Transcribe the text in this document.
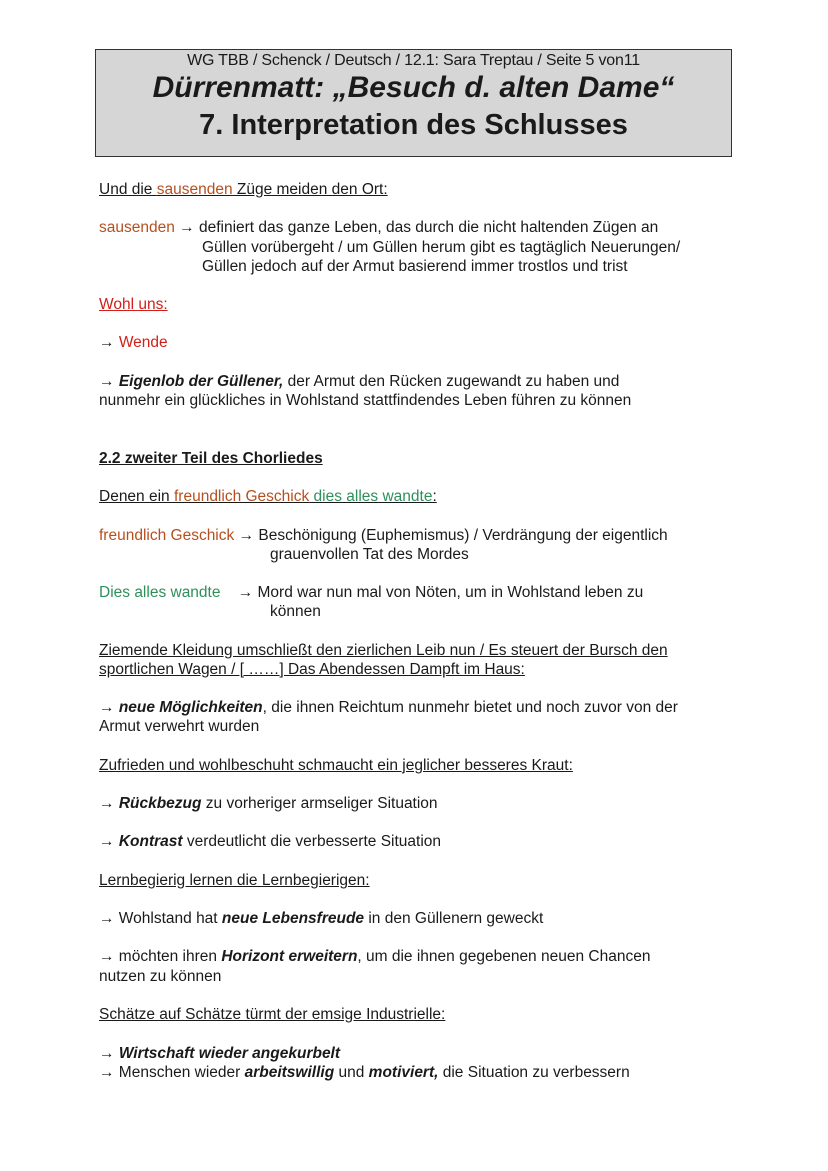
WG TBB / Schenck / Deutsch / 12.1: Sara Treptau / Seite 5 von11
Dürrenmatt: „Besuch d. alten Dame“
7. Interpretation des Schlusses
Und die sausenden Züge meiden den Ort:
sausenden → definiert das ganze Leben, das durch die nicht haltenden Zügen an
Güllen vorübergeht / um Güllen herum gibt es tagtäglich Neuerungen/
Güllen jedoch auf der Armut basierend immer trostlos und trist
Wohl uns:
→ Wende
→ Eigenlob der Güllener, der Armut den Rücken zugewandt zu haben und
nunmehr ein glückliches in Wohlstand stattfindendes Leben führen zu können
2.2 zweiter Teil des Chorliedes
Denen ein freundlich Geschick dies alles wandte:
freundlich Geschick → Beschönigung (Euphemismus) / Verdrängung der eigentlich
grauenvollen Tat des Mordes
Dies alles wandte → Mord war nun mal von Nöten, um in Wohlstand leben zu
können
Ziemende Kleidung umschließt den zierlichen Leib nun / Es steuert der Bursch den
sportlichen Wagen / [ ……] Das Abendessen Dampft im Haus:
→ neue Möglichkeiten, die ihnen Reichtum nunmehr bietet und noch zuvor von der
Armut verwehrt wurden
Zufrieden und wohlbeschuht schmaucht ein jeglicher besseres Kraut:
→ Rückbezug zu vorheriger armseliger Situation
→ Kontrast verdeutlicht die verbesserte Situation
Lernbegierig lernen die Lernbegierigen:
→ Wohlstand hat neue Lebensfreude in den Güllenern geweckt
→ möchten ihren Horizont erweitern, um die ihnen gegebenen neuen Chancen
nutzen zu können
Schätze auf Schätze türmt der emsige Industrielle:
→ Wirtschaft wieder angekurbelt
→ Menschen wieder arbeitswillig und motiviert, die Situation zu verbessern
